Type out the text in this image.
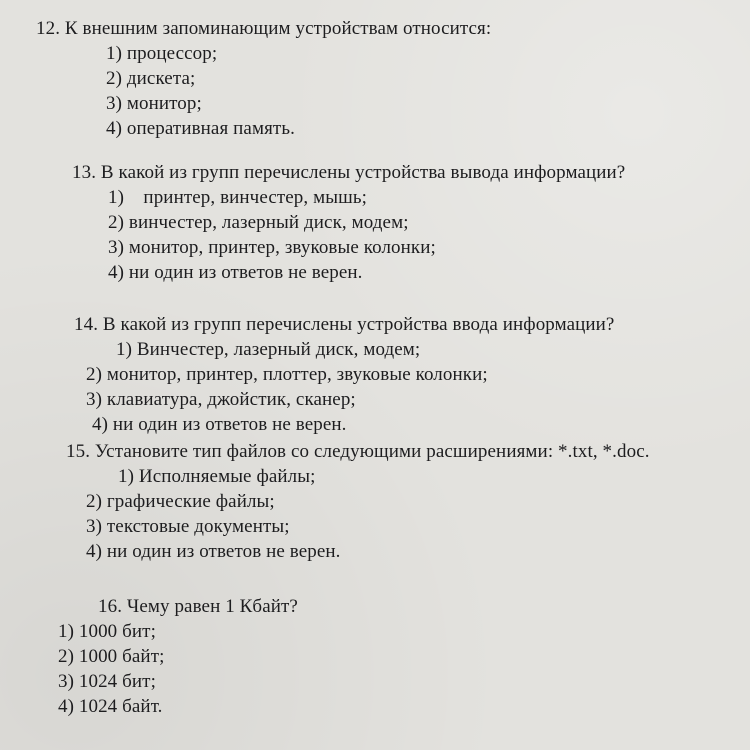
12. К внешним запоминающим устройствам относится:
1) процессор;
2) дискета;
3) монитор;
4) оперативная память.
13. В какой из групп перечислены устройства вывода информации?
1)    принтер, винчестер, мышь;
2) винчестер, лазерный диск, модем;
3) монитор, принтер, звуковые колонки;
4) ни один из ответов не верен.
14. В какой из групп перечислены устройства ввода информации?
1) Винчестер, лазерный диск, модем;
2) монитор, принтер, плоттер, звуковые колонки;
3) клавиатура, джойстик, сканер;
4) ни один из ответов не верен.
15. Установите тип файлов со следующими расширениями: *.txt, *.doc.
1) Исполняемые файлы;
2) графические файлы;
3) текстовые документы;
4) ни один из ответов не верен.
16. Чему равен 1 Кбайт?
1) 1000 бит;
2) 1000 байт;
3) 1024 бит;
4) 1024 байт.
